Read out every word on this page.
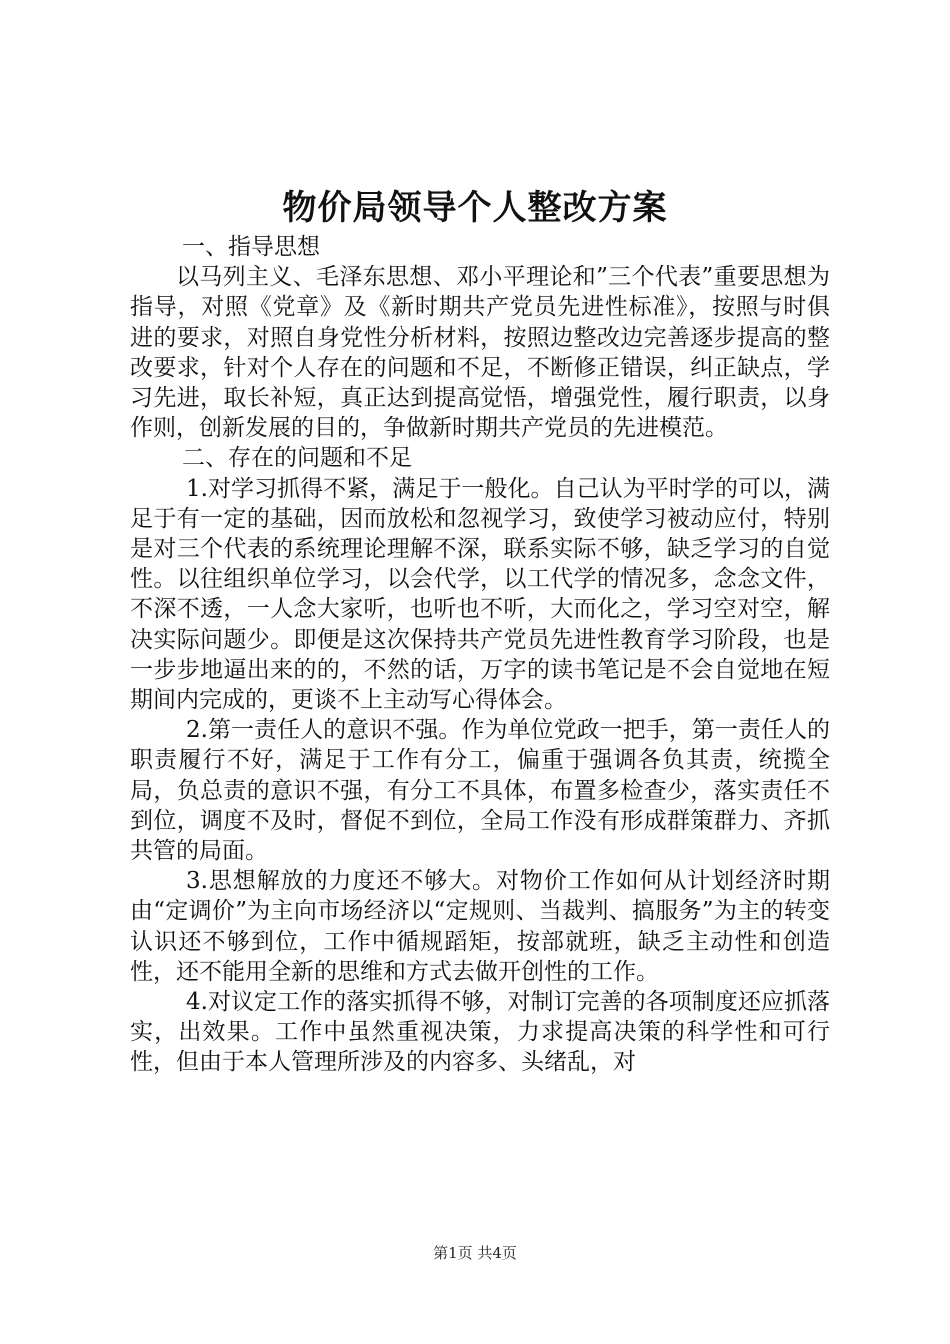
物价局领导个人整改方案

一、指导思想

以马列主义、毛泽东思想、邓小平理论和”三个代表”重要思想为指导，对照《党章》及《新时期共产党员先进性标准》，按照与时俱进的要求，对照自身党性分析材料，按照边整改边完善逐步提高的整改要求，针对个人存在的问题和不足，不断修正错误，纠正缺点，学习先进，取长补短，真正达到提高觉悟，增强党性，履行职责，以身作则，创新发展的目的，争做新时期共产党员的先进模范。

二、存在的问题和不足

1.对学习抓得不紧，满足于一般化。自己认为平时学的可以，满足于有一定的基础，因而放松和忽视学习，致使学习被动应付，特别是对三个代表的系统理论理解不深，联系实际不够，缺乏学习的自觉性。以往组织单位学习，以会代学，以工代学的情况多，念念文件，不深不透，一人念大家听，也听也不听，大而化之，学习空对空，解决实际问题少。即便是这次保持共产党员先进性教育学习阶段，也是一步步地逼出来的的，不然的话，万字的读书笔记是不会自觉地在短期间内完成的，更谈不上主动写心得体会。

2.第一责任人的意识不强。作为单位党政一把手，第一责任人的职责履行不好，满足于工作有分工，偏重于强调各负其责，统揽全局，负总责的意识不强，有分工不具体，布置多检查少，落实责任不到位，调度不及时，督促不到位，全局工作没有形成群策群力、齐抓共管的局面。

3.思想解放的力度还不够大。对物价工作如何从计划经济时期由“定调价”为主向市场经济以“定规则、当裁判、搞服务”为主的转变认识还不够到位，工作中循规蹈矩，按部就班，缺乏主动性和创造性，还不能用全新的思维和方式去做开创性的工作。

4.对议定工作的落实抓得不够，对制订完善的各项制度还应抓落实，出效果。工作中虽然重视决策，力求提高决策的科学性和可行性，但由于本人管理所涉及的内容多、头绪乱，对

第1页 共4页
